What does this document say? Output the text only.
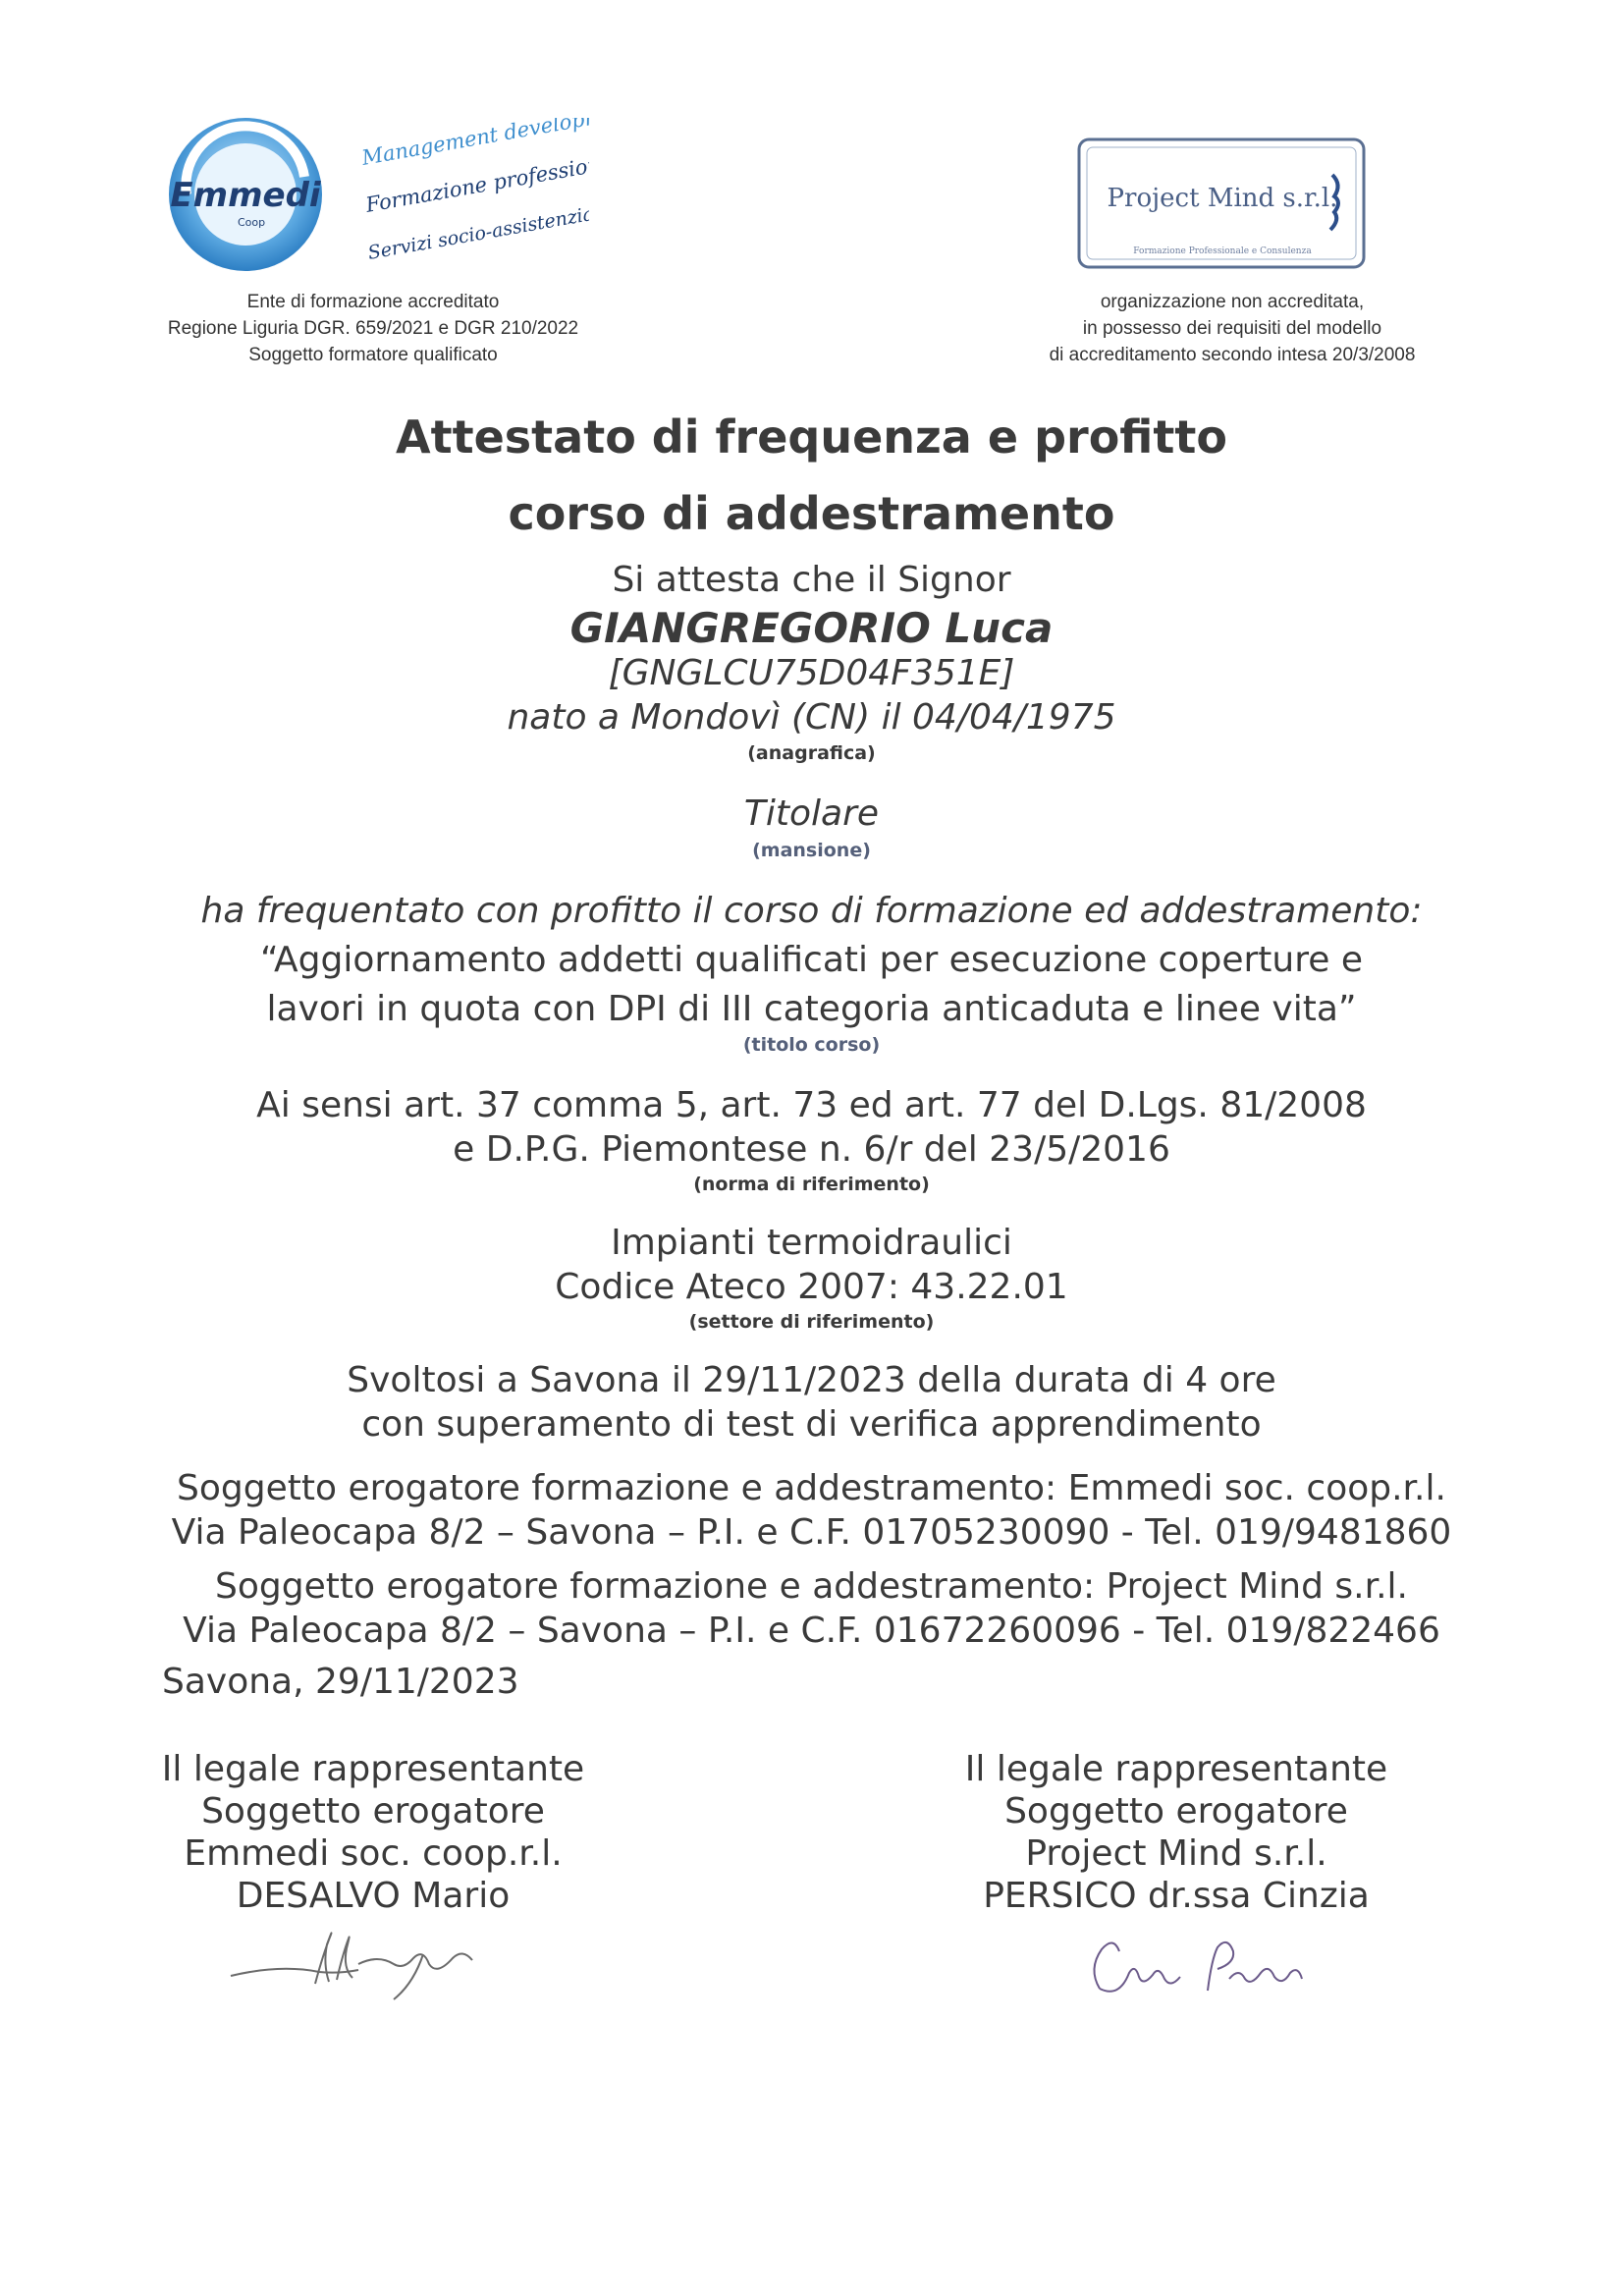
Emmedi
Coop
Management development
Formazione professionale
Servizi socio-assistenziali
Ente di formazione accreditato
Regione Liguria DGR. 659/2021 e DGR 210/2022
Soggetto formatore qualificato
Project Mind s.r.l.
Formazione Professionale e Consulenza
organizzazione non accreditata,
in possesso dei requisiti del modello
di accreditamento secondo intesa 20/3/2008
Attestato di frequenza e profitto
corso di addestramento
Si attesta che il Signor
GIANGREGORIO Luca
[GNGLCU75D04F351E]
nato a Mondovì (CN) il 04/04/1975
(anagrafica)
Titolare
(mansione)
ha frequentato con profitto il corso di formazione ed addestramento:
“Aggiornamento addetti qualificati per esecuzione coperture e
lavori in quota con DPI di III categoria anticaduta e linee vita”
(titolo corso)
Ai sensi art. 37 comma 5, art. 73 ed art. 77 del D.Lgs. 81/2008
e D.P.G. Piemontese n. 6/r del 23/5/2016
(norma di riferimento)
Impianti termoidraulici
Codice Ateco 2007: 43.22.01
(settore di riferimento)
Svoltosi a Savona il 29/11/2023 della durata di 4 ore
con superamento di test di verifica apprendimento
Soggetto erogatore formazione e addestramento: Emmedi soc. coop.r.l.
Via Paleocapa 8/2 – Savona – P.I. e C.F. 01705230090 - Tel. 019/9481860
Soggetto erogatore formazione e addestramento: Project Mind s.r.l.
Via Paleocapa 8/2 – Savona – P.I. e C.F. 01672260096 - Tel. 019/822466
Savona, 29/11/2023
Il legale rappresentante
Soggetto erogatore
Emmedi soc. coop.r.l.
DESALVO Mario
Il legale rappresentante
Soggetto erogatore
Project Mind s.r.l.
PERSICO dr.ssa Cinzia
